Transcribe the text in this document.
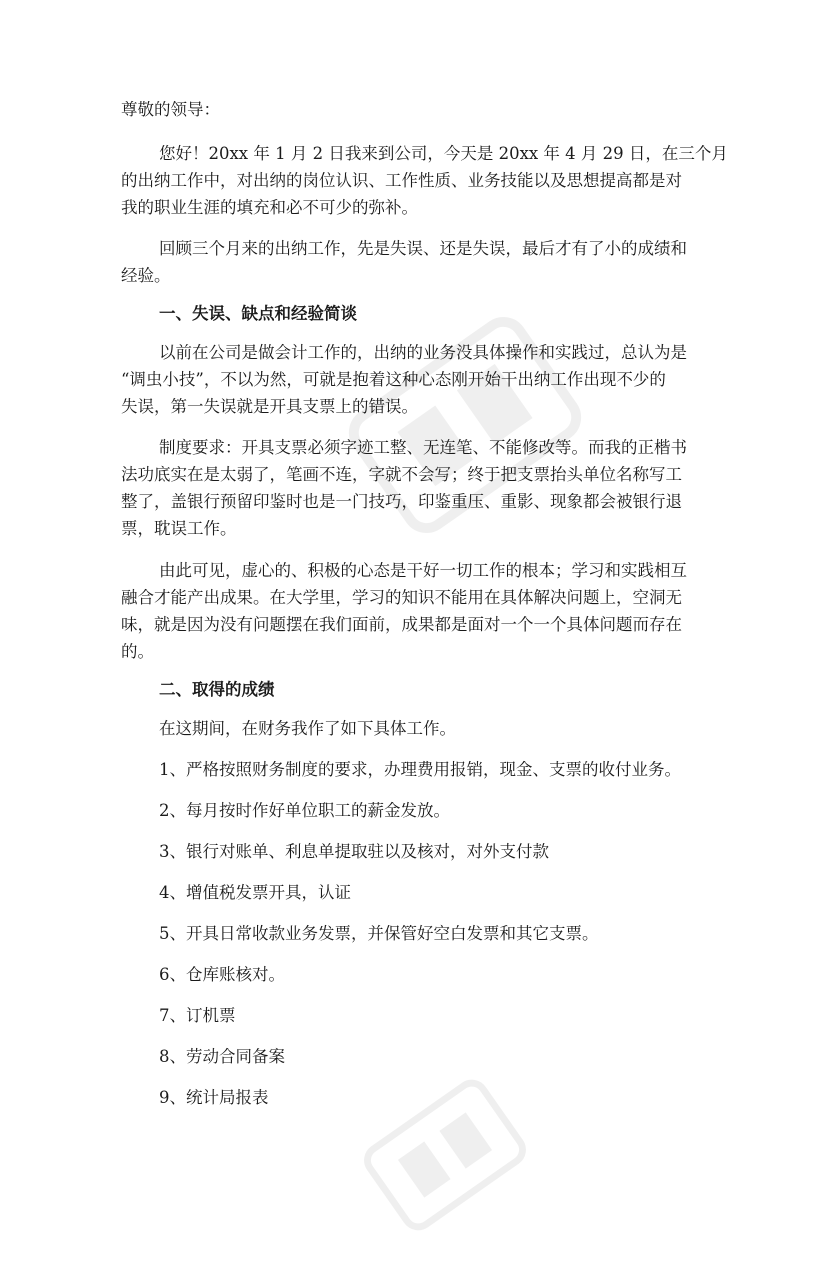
尊敬的领导：
您好！20xx 年 1 月 2 日我来到公司，今天是 20xx 年 4 月 29 日，在三个月
的出纳工作中，对出纳的岗位认识、工作性质、业务技能以及思想提高都是对
我的职业生涯的填充和必不可少的弥补。
回顾三个月来的出纳工作，先是失误、还是失误，最后才有了小的成绩和
经验。
一、失误、缺点和经验简谈
以前在公司是做会计工作的，出纳的业务没具体操作和实践过，总认为是
“调虫小技”，不以为然，可就是抱着这种心态刚开始干出纳工作出现不少的
失误，第一失误就是开具支票上的错误。
制度要求：开具支票必须字迹工整、无连笔、不能修改等。而我的正楷书
法功底实在是太弱了，笔画不连，字就不会写；终于把支票抬头单位名称写工
整了，盖银行预留印鉴时也是一门技巧，印鉴重压、重影、现象都会被银行退
票，耽误工作。
由此可见，虚心的、积极的心态是干好一切工作的根本；学习和实践相互
融合才能产出成果。在大学里，学习的知识不能用在具体解决问题上，空洞无
味，就是因为没有问题摆在我们面前，成果都是面对一个一个具体问题而存在
的。
二、取得的成绩
在这期间，在财务我作了如下具体工作。
1、严格按照财务制度的要求，办理费用报销，现金、支票的收付业务。
2、每月按时作好单位职工的薪金发放。
3、银行对账单、利息单提取驻以及核对，对外支付款
4、增值税发票开具，认证
5、开具日常收款业务发票，并保管好空白发票和其它支票。
6、仓库账核对。
7、订机票
8、劳动合同备案
9、统计局报表
